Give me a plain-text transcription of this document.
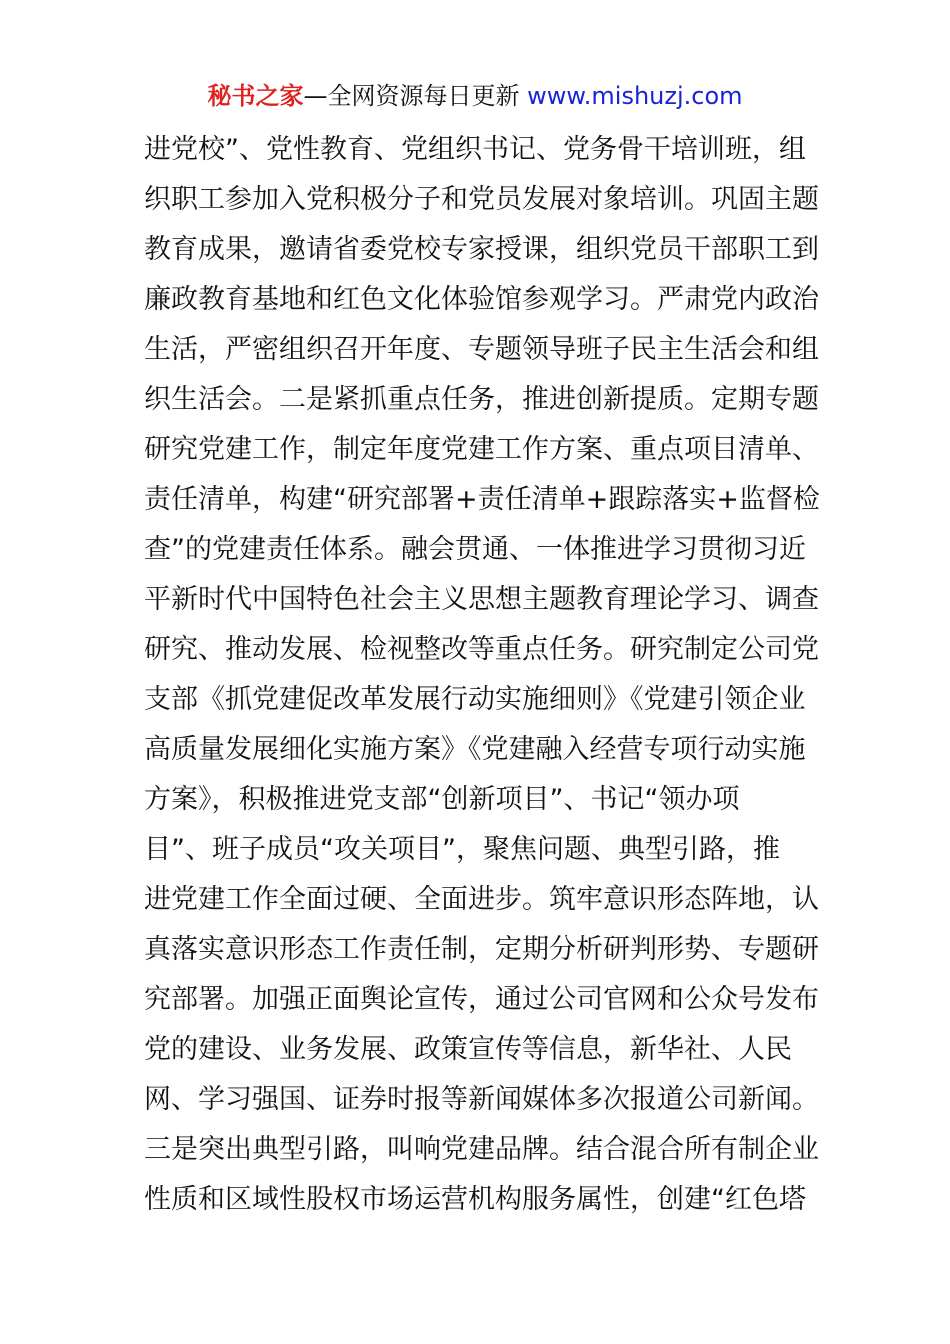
秘书之家—全网资源每日更新 www.mishuzj.com
进党校”、党性教育、党组织书记、党务骨干培训班，组
织职工参加入党积极分子和党员发展对象培训。巩固主题
教育成果，邀请省委党校专家授课，组织党员干部职工到
廉政教育基地和红色文化体验馆参观学习。严肃党内政治
生活，严密组织召开年度、专题领导班子民主生活会和组
织生活会。二是紧抓重点任务，推进创新提质。定期专题
研究党建工作，制定年度党建工作方案、重点项目清单、
责任清单，构建“研究部署+责任清单+跟踪落实+监督检
查”的党建责任体系。融会贯通、一体推进学习贯彻习近
平新时代中国特色社会主义思想主题教育理论学习、调查
研究、推动发展、检视整改等重点任务。研究制定公司党
支部《抓党建促改革发展行动实施细则》《党建引领企业
高质量发展细化实施方案》《党建融入经营专项行动实施
方案》，积极推进党支部“创新项目”、书记“领办项
目”、班子成员“攻关项目”，聚焦问题、典型引路，推
进党建工作全面过硬、全面进步。筑牢意识形态阵地，认
真落实意识形态工作责任制，定期分析研判形势、专题研
究部署。加强正面舆论宣传，通过公司官网和公众号发布
党的建设、业务发展、政策宣传等信息，新华社、人民
网、学习强国、证券时报等新闻媒体多次报道公司新闻。
三是突出典型引路，叫响党建品牌。结合混合所有制企业
性质和区域性股权市场运营机构服务属性，创建“红色塔
